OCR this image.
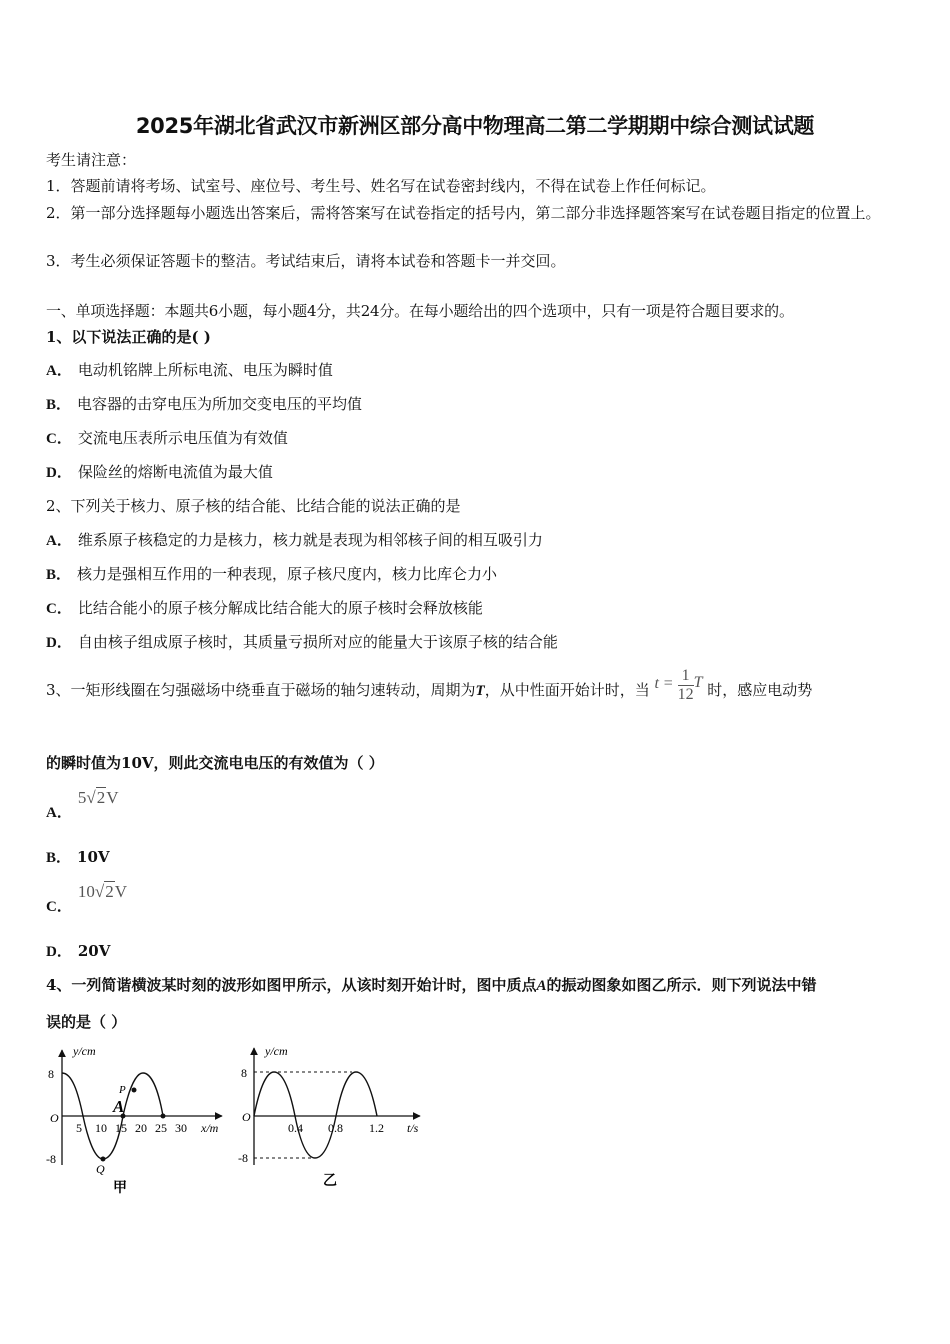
2025年湖北省武汉市新洲区部分高中物理高二第二学期期中综合测试试题
考生请注意：
1．答题前请将考场、试室号、座位号、考生号、姓名写在试卷密封线内，不得在试卷上作任何标记。
2．第一部分选择题每小题选出答案后，需将答案写在试卷指定的括号内，第二部分非选择题答案写在试卷题目指定的位置上。
3．考生必须保证答题卡的整洁。考试结束后，请将本试卷和答题卡一并交回。
一、单项选择题：本题共6小题，每小题4分，共24分。在每小题给出的四个选项中，只有一项是符合题目要求的。
1、以下说法正确的是( )
A． 电动机铭牌上所标电流、电压为瞬时值
B． 电容器的击穿电压为所加交变电压的平均值
C． 交流电压表所示电压值为有效值
D． 保险丝的熔断电流值为最大值
2、下列关于核力、原子核的结合能、比结合能的说法正确的是
A． 维系原子核稳定的力是核力，核力就是表现为相邻核子间的相互吸引力
B． 核力是强相互作用的一种表现，原子核尺度内，核力比库仑力小
C． 比结合能小的原子核分解成比结合能大的原子核时会释放核能
D． 自由核子组成原子核时，其质量亏损所对应的能量大于该原子核的结合能
3、一矩形线圈在匀强磁场中绕垂直于磁场的轴匀速转动，周期为T，从中性面开始计时，当 $t = \frac{1}{12}$ T 时，感应电动势
的瞬时值为10V，则此交流电电压的有效值为（ ）
A．5√2V
B． 10V
C．10√2V
D． 20V
4、一列简谐横波某时刻的波形如图甲所示，从该时刻开始计时，图中质点A的振动图象如图乙所示．则下列说法中错
误的是（ ）
y/cm
8
O
-8
5 10 15 20 25 30 x/m
P
A
Q
甲
y/cm
8
O
-8
0.4 0.8 1.2 t/s
乙
